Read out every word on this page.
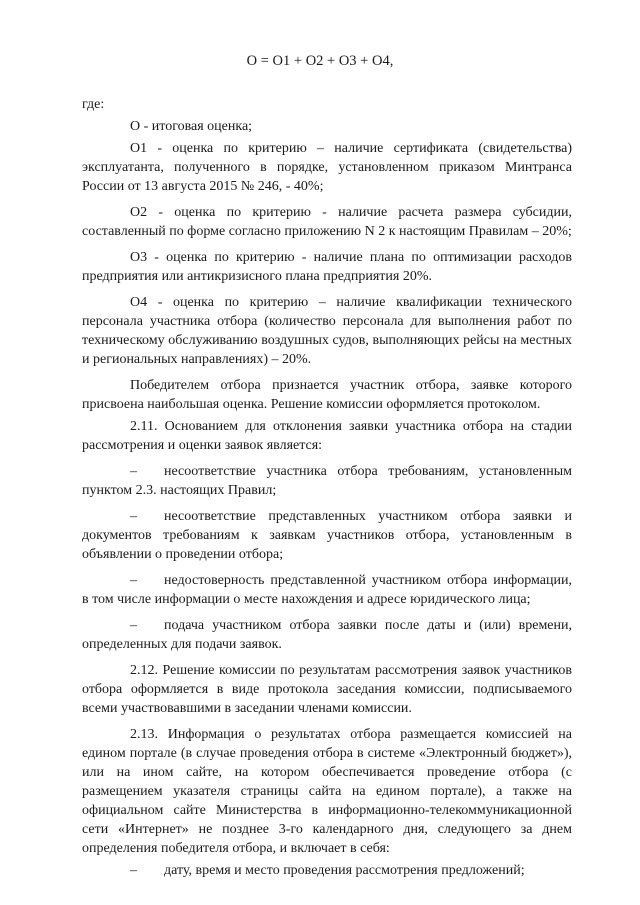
О = О1 + О2 + О3 + О4,

где:

О - итоговая оценка;

О1 - оценка по критерию – наличие сертификата (свидетельства) эксплуатанта, полученного в порядке, установленном приказом Минтранса России от 13 августа 2015 № 246, - 40%;

О2 - оценка по критерию - наличие расчета размера субсидии, составленный по форме согласно приложению N 2 к настоящим Правилам – 20%;

О3 - оценка по критерию - наличие плана по оптимизации расходов предприятия или антикризисного плана предприятия 20%.

О4 - оценка по критерию – наличие квалификации технического персонала участника отбора (количество персонала для выполнения работ по техническому обслуживанию воздушных судов, выполняющих рейсы на местных и региональных направлениях) – 20%.

Победителем отбора признается участник отбора, заявке которого присвоена наибольшая оценка. Решение комиссии оформляется протоколом.

2.11. Основанием для отклонения заявки участника отбора на стадии рассмотрения и оценки заявок является:

– несоответствие участника отбора требованиям, установленным пунктом 2.3. настоящих Правил;

– несоответствие представленных участником отбора заявки и документов требованиям к заявкам участников отбора, установленным в объявлении о проведении отбора;

– недостоверность представленной участником отбора информации, в том числе информации о месте нахождения и адресе юридического лица;

– подача участником отбора заявки после даты и (или) времени, определенных для подачи заявок.

2.12. Решение комиссии по результатам рассмотрения заявок участников отбора оформляется в виде протокола заседания комиссии, подписываемого всеми участвовавшими в заседании членами комиссии.

2.13. Информация о результатах отбора размещается комиссией на едином портале (в случае проведения отбора в системе «Электронный бюджет»), или на ином сайте, на котором обеспечивается проведение отбора (с размещением указателя страницы сайта на едином портале), а также на официальном сайте Министерства в информационно-телекоммуникационной сети «Интернет» не позднее 3-го календарного дня, следующего за днем определения победителя отбора, и включает в себя:

– дату, время и место проведения рассмотрения предложений;
